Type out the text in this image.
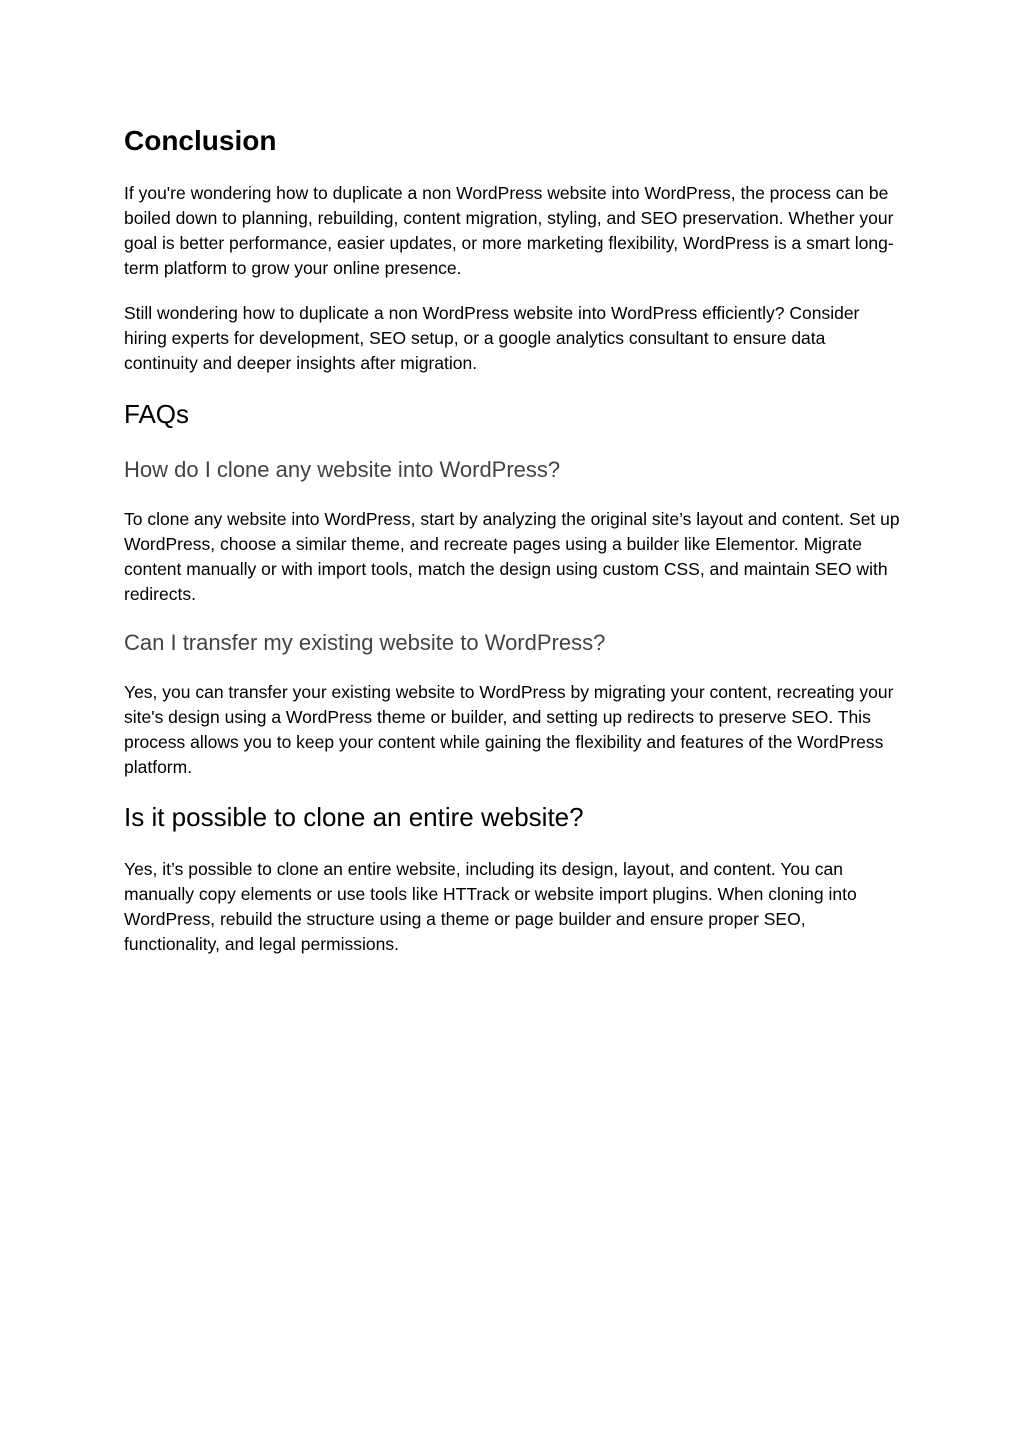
Conclusion

If you're wondering how to duplicate a non WordPress website into WordPress, the process can be boiled down to planning, rebuilding, content migration, styling, and SEO preservation. Whether your goal is better performance, easier updates, or more marketing flexibility, WordPress is a smart long-term platform to grow your online presence.

Still wondering how to duplicate a non WordPress website into WordPress efficiently? Consider hiring experts for development, SEO setup, or a google analytics consultant to ensure data continuity and deeper insights after migration.

FAQs
How do I clone any website into WordPress?

To clone any website into WordPress, start by analyzing the original site’s layout and content. Set up WordPress, choose a similar theme, and recreate pages using a builder like Elementor. Migrate content manually or with import tools, match the design using custom CSS, and maintain SEO with redirects.

Can I transfer my existing website to WordPress?

Yes, you can transfer your existing website to WordPress by migrating your content, recreating your site's design using a WordPress theme or builder, and setting up redirects to preserve SEO. This process allows you to keep your content while gaining the flexibility and features of the WordPress platform.

Is it possible to clone an entire website?

Yes, it’s possible to clone an entire website, including its design, layout, and content. You can manually copy elements or use tools like HTTrack or website import plugins. When cloning into WordPress, rebuild the structure using a theme or page builder and ensure proper SEO, functionality, and legal permissions.
